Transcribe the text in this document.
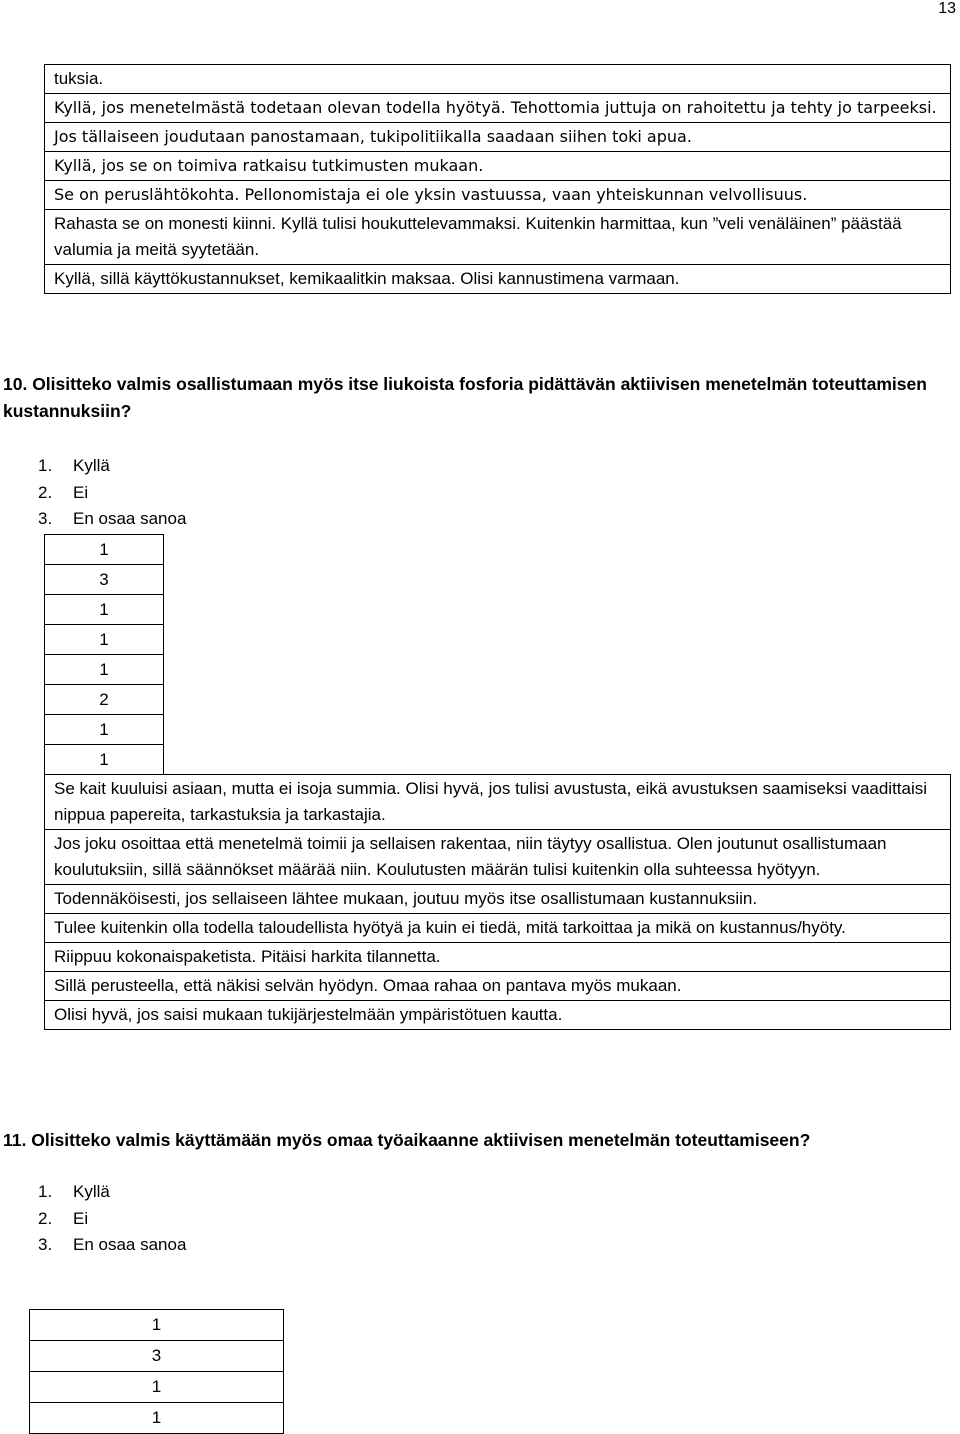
13
tuksia.
Kyllä, jos menetelmästä todetaan olevan todella hyötyä. Tehottomia juttuja on rahoitettu ja tehty jo tarpeeksi.
Jos tällaiseen joudutaan panostamaan, tukipolitiikalla saadaan siihen toki apua.
Kyllä, jos se on toimiva ratkaisu tutkimusten mukaan.
Se on peruslähtökohta. Pellonomistaja ei ole yksin vastuussa, vaan yhteiskunnan velvollisuus.
Rahasta se on monesti kiinni. Kyllä tulisi houkuttelevammaksi. Kuitenkin harmittaa, kun ”veli venäläinen” päästää valumia ja meitä syytetään.
Kyllä, sillä käyttökustannukset, kemikaalitkin maksaa. Olisi kannustimena varmaan.
10. Olisitteko valmis osallistumaan myös itse liukoista fosforia pidättävän aktiivisen menetelmän toteuttamisen kustannuksiin?
1. Kyllä
2. Ei
3. En osaa sanoa
1	
3	
1	
1	
1	
2	
1	
1	
Se kait kuuluisi asiaan, mutta ei isoja summia. Olisi hyvä, jos tulisi avustusta, eikä avustuksen saamiseksi vaadittaisi nippua papereita, tarkastuksia ja tarkastajia.	
Jos joku osoittaa että menetelmä toimii ja sellaisen rakentaa, niin täytyy osallistua. Olen joutunut osallistumaan koulutuksiin, sillä säännökset määrää niin. Koulutusten määrän tulisi kuitenkin olla suhteessa hyötyyn.	
Todennäköisesti, jos sellaiseen lähtee mukaan, joutuu myös itse osallistumaan kustannuksiin.	
Tulee kuitenkin olla todella taloudellista hyötyä ja kuin ei tiedä, mitä tarkoittaa ja mikä on kustannus/hyöty.	
Riippuu kokonaispaketista. Pitäisi harkita tilannetta.	
Sillä perusteella, että näkisi selvän hyödyn. Omaa rahaa on pantava myös mukaan.	
Olisi hyvä, jos saisi mukaan tukijärjestelmään ympäristötuen kautta.	
11. Olisitteko valmis käyttämään myös omaa työaikaanne aktiivisen menetelmän toteuttamiseen?
1. Kyllä
2. Ei
3. En osaa sanoa
1
3
1
1
